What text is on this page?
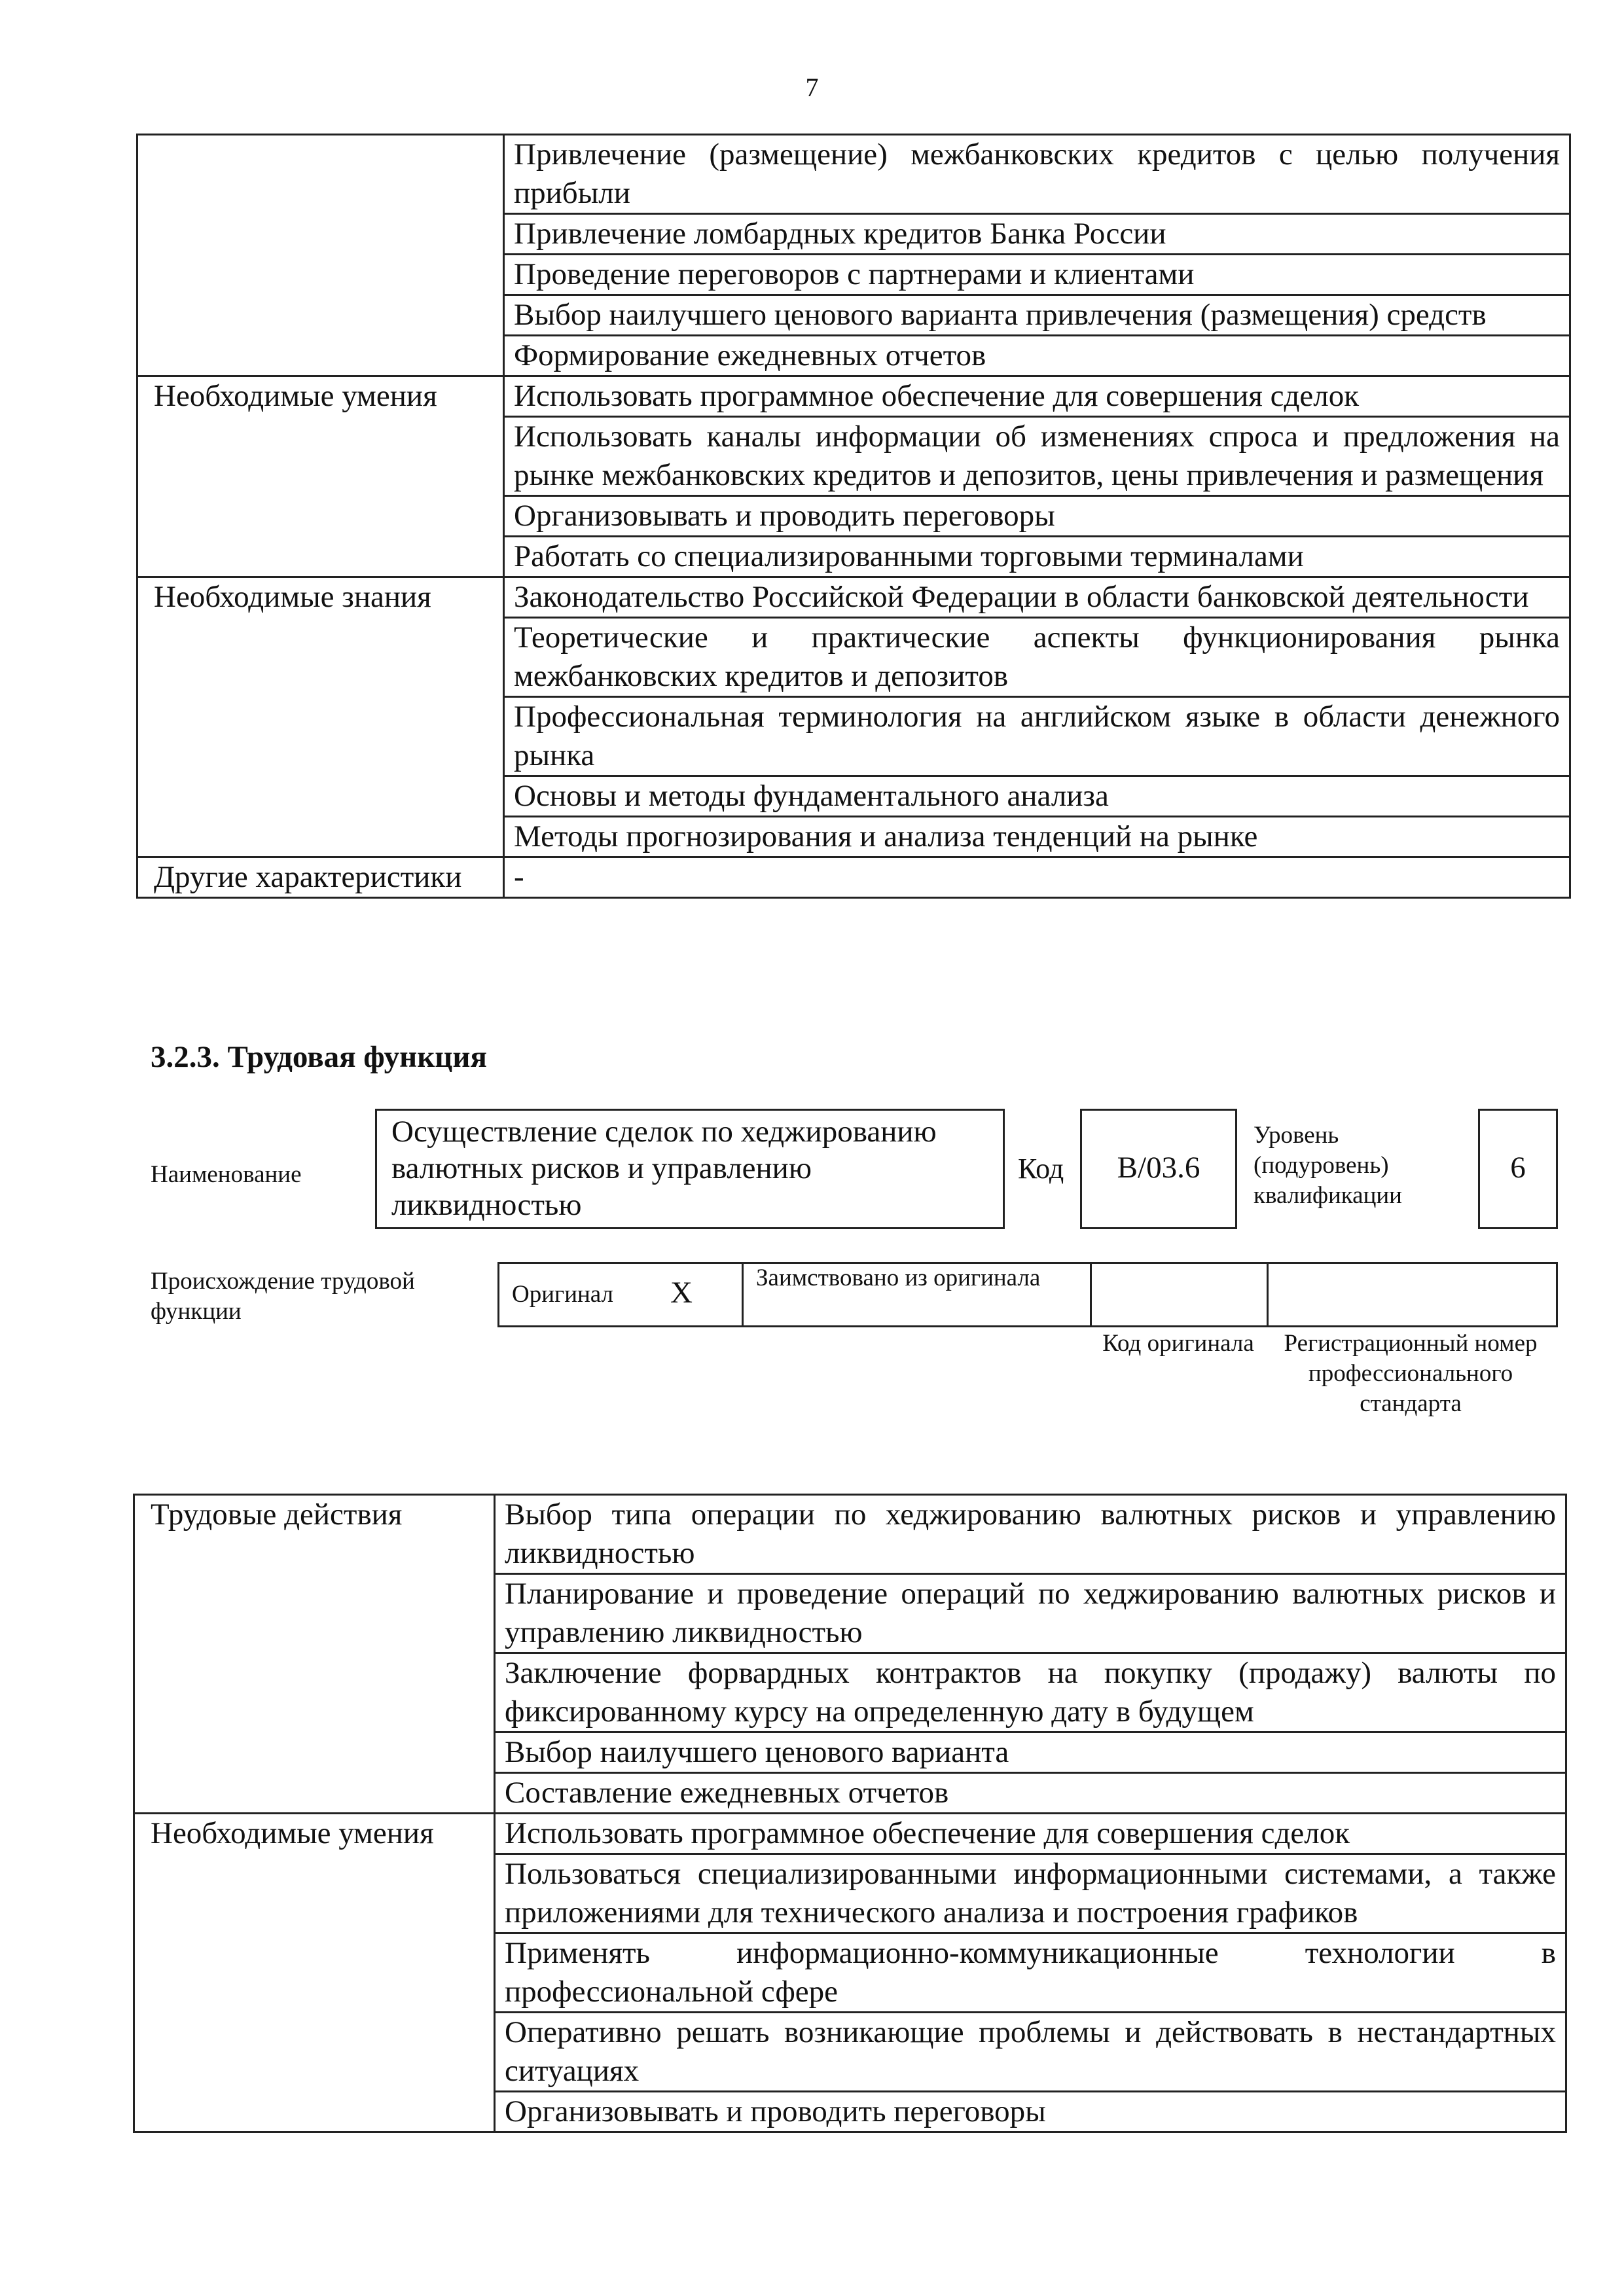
7
	Привлечение (размещение) межбанковских кредитов с целью получения прибыли
	Привлечение ломбардных кредитов Банка России
	Проведение переговоров с партнерами и клиентами
	Выбор наилучшего ценового варианта привлечения (размещения) средств
	Формирование ежедневных отчетов
Необходимые умения	Использовать программное обеспечение для совершения сделок
	Использовать каналы информации об изменениях спроса и предложения на рынке межбанковских кредитов и депозитов, цены привлечения и размещения
	Организовывать и проводить переговоры
	Работать со специализированными торговыми терминалами
Необходимые знания	Законодательство Российской Федерации в области банковской деятельности
	Теоретические и практические аспекты функционирования рынка межбанковских кредитов и депозитов
	Профессиональная терминология на английском языке в области денежного рынка
	Основы и методы фундаментального анализа
	Методы прогнозирования и анализа тенденций на рынке
Другие характеристики	-
3.2.3. Трудовая функция
Наименование
Осуществление сделок по хеджированию валютных рисков и управлению ликвидностью
Код	B/03.6
Уровень (подуровень) квалификации
6
Происхождение трудовой функции
Оригинал X	Заимствовано из оригинала
Код оригинала	Регистрационный номер профессионального стандарта
Трудовые действия	Выбор типа операции по хеджированию валютных рисков и управлению ликвидностью
	Планирование и проведение операций по хеджированию валютных рисков и управлению ликвидностью
	Заключение форвардных контрактов на покупку (продажу) валюты по фиксированному курсу на определенную дату в будущем
	Выбор наилучшего ценового варианта
	Составление ежедневных отчетов
Необходимые умения	Использовать программное обеспечение для совершения сделок
	Пользоваться специализированными информационными системами, а также приложениями для технического анализа и построения графиков
	Применять информационно-коммуникационные технологии в профессиональной сфере
	Оперативно решать возникающие проблемы и действовать в нестандартных ситуациях
	Организовывать и проводить переговоры
